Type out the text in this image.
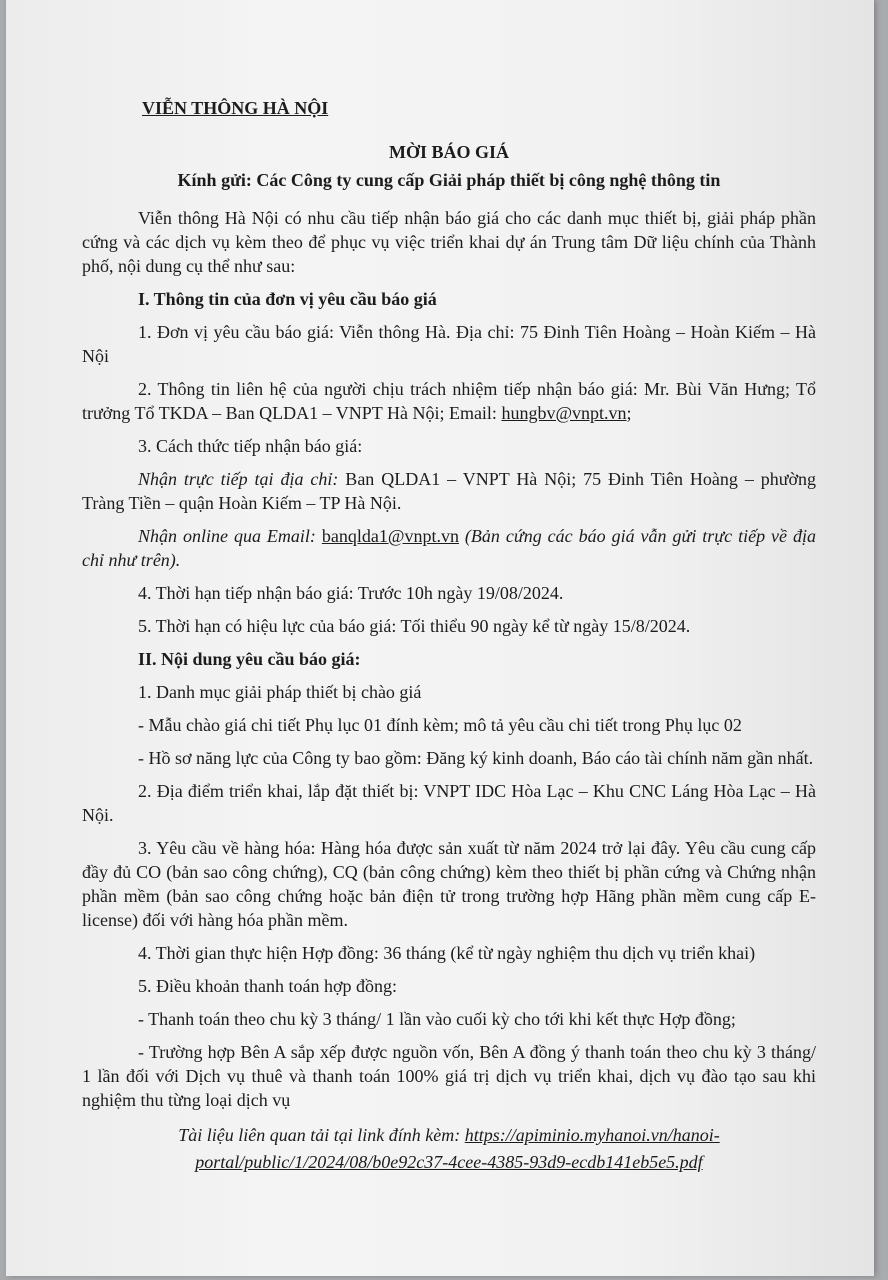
VIỄN THÔNG HÀ NỘI
MỜI BÁO GIÁ
Kính gửi: Các Công ty cung cấp Giải pháp thiết bị công nghệ thông tin

Viễn thông Hà Nội có nhu cầu tiếp nhận báo giá cho các danh mục thiết bị, giải pháp phần cứng và các dịch vụ kèm theo để phục vụ việc triển khai dự án Trung tâm Dữ liệu chính của Thành phố, nội dung cụ thể như sau:

I. Thông tin của đơn vị yêu cầu báo giá

1. Đơn vị yêu cầu báo giá: Viễn thông Hà. Địa chỉ: 75 Đinh Tiên Hoàng – Hoàn Kiếm – Hà Nội

2. Thông tin liên hệ của người chịu trách nhiệm tiếp nhận báo giá: Mr. Bùi Văn Hưng; Tổ trưởng Tổ TKDA – Ban QLDA1 – VNPT Hà Nội; Email: hungbv@vnpt.vn;

3. Cách thức tiếp nhận báo giá:

Nhận trực tiếp tại địa chỉ: Ban QLDA1 – VNPT Hà Nội; 75 Đinh Tiên Hoàng – phường Tràng Tiền – quận Hoàn Kiếm – TP Hà Nội.

Nhận online qua Email: banqlda1@vnpt.vn (Bản cứng các báo giá vẫn gửi trực tiếp về địa chỉ như trên).

4. Thời hạn tiếp nhận báo giá: Trước 10h ngày 19/08/2024.

5. Thời hạn có hiệu lực của báo giá: Tối thiểu 90 ngày kể từ ngày 15/8/2024.

II. Nội dung yêu cầu báo giá:

1. Danh mục giải pháp thiết bị chào giá

- Mẫu chào giá chi tiết Phụ lục 01 đính kèm; mô tả yêu cầu chi tiết trong Phụ lục 02

- Hồ sơ năng lực của Công ty bao gồm: Đăng ký kinh doanh, Báo cáo tài chính năm gần nhất.

2. Địa điểm triển khai, lắp đặt thiết bị: VNPT IDC Hòa Lạc – Khu CNC Láng Hòa Lạc – Hà Nội.

3. Yêu cầu về hàng hóa: Hàng hóa được sản xuất từ năm 2024 trở lại đây. Yêu cầu cung cấp đầy đủ CO (bản sao công chứng), CQ (bản công chứng) kèm theo thiết bị phần cứng và Chứng nhận phần mềm (bản sao công chứng hoặc bản điện tử trong trường hợp Hãng phần mềm cung cấp E-license) đối với hàng hóa phần mềm.

4. Thời gian thực hiện Hợp đồng: 36 tháng (kể từ ngày nghiệm thu dịch vụ triển khai)

5. Điều khoản thanh toán hợp đồng:

- Thanh toán theo chu kỳ 3 tháng/ 1 lần vào cuối kỳ cho tới khi kết thực Hợp đồng;

- Trường hợp Bên A sắp xếp được nguồn vốn, Bên A đồng ý thanh toán theo chu kỳ 3 tháng/ 1 lần đối với Dịch vụ thuê và thanh toán 100% giá trị dịch vụ triển khai, dịch vụ đào tạo sau khi nghiệm thu từng loại dịch vụ

Tài liệu liên quan tải tại link đính kèm: https://apiminio.myhanoi.vn/hanoi-portal/public/1/2024/08/b0e92c37-4cee-4385-93d9-ecdb141eb5e5.pdf
